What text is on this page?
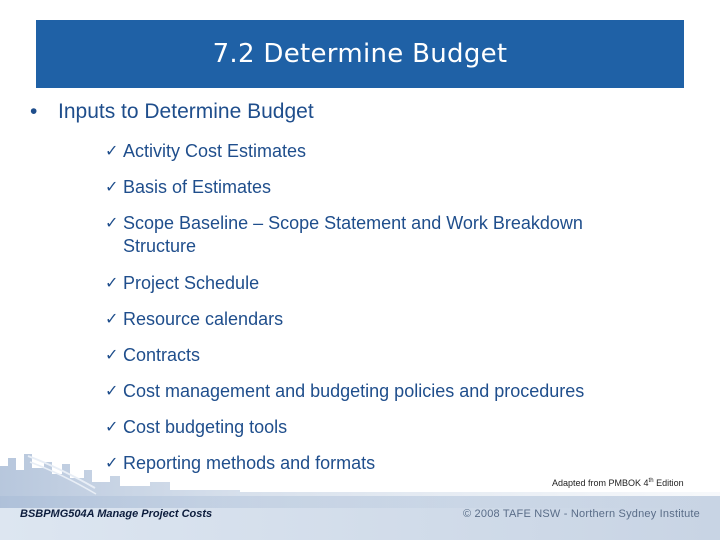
7.2 Determine Budget
• Inputs to Determine Budget
✓ Activity Cost Estimates
✓ Basis of Estimates
✓ Scope Baseline – Scope Statement and Work Breakdown Structure
✓ Project Schedule
✓ Resource calendars
✓ Contracts
✓ Cost management and budgeting policies and procedures
✓ Cost budgeting tools
✓ Reporting methods and formats
Adapted from PMBOK 4th Edition
BSBPMG504A Manage Project Costs	© 2008 TAFE NSW - Northern Sydney Institute
